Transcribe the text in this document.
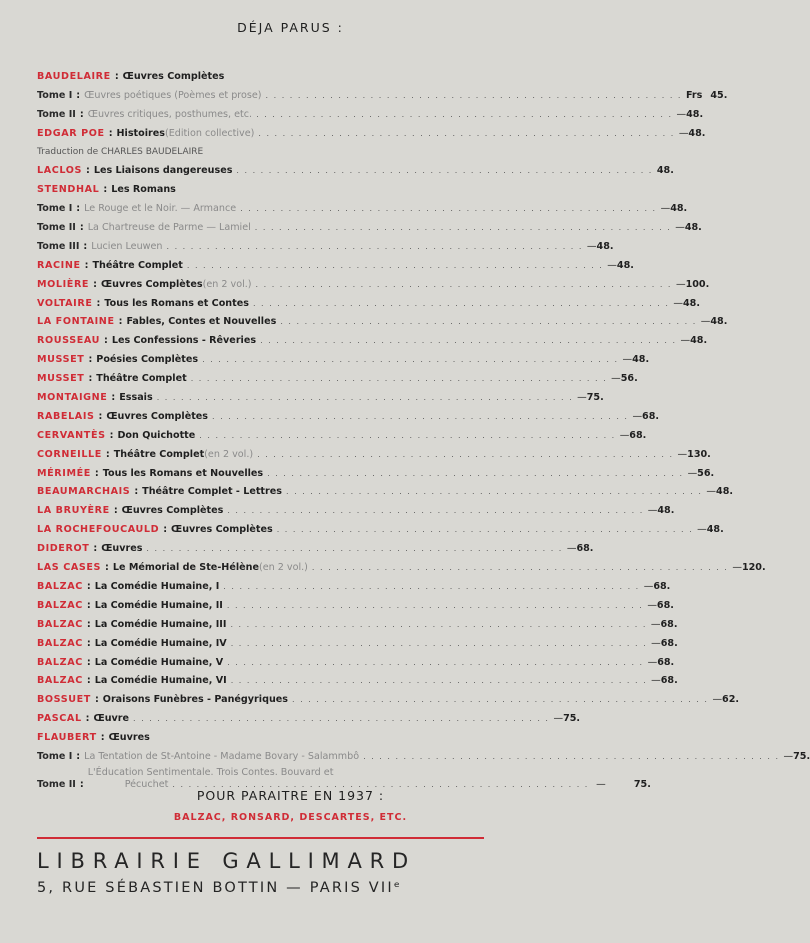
DÉJA PARUS :
BAUDELAIRE : Œuvres Complètes
Tome I : Œuvres poétiques (Poèmes et prose) . . . . . . . . . . . . . . . . . . . . . . . . . . . . . . . . . . . . . . . . . . . . . . . . . . . . Frs 45.
Tome II : Œuvres critiques, posthumes, etc. . . . . . . . . . . . . . . . . . . . . . . . . . . . . . . . . . . . . . . . . . . . . . . . . . . . . — 48.
EDGAR POE : Histoires (Edition collective) . . . . . . . . . . . . . . . . . . . . . . . . . . . . . . . . . . . . . . . . . . . . . . . . . . . . — 48.
Traduction de CHARLES BAUDELAIRE
LACLOS : Les Liaisons dangereuses . . . . . . . . . . . . . . . . . . . . . . . . . . . . . . . . . . . . . . . . . . . . . . . . . . . . 48.
STENDHAL : Les Romans
Tome I : Le Rouge et le Noir. — Armance . . . . . . . . . . . . . . . . . . . . . . . . . . . . . . . . . . . . . . . . . . . . . . . . . . . . — 48.
Tome II : La Chartreuse de Parme — Lamiel . . . . . . . . . . . . . . . . . . . . . . . . . . . . . . . . . . . . . . . . . . . . . . . . . . . . — 48.
Tome III : Lucien Leuwen . . . . . . . . . . . . . . . . . . . . . . . . . . . . . . . . . . . . . . . . . . . . . . . . . . . . — 48.
RACINE : Théâtre Complet . . . . . . . . . . . . . . . . . . . . . . . . . . . . . . . . . . . . . . . . . . . . . . . . . . . . — 48.
MOLIÈRE : Œuvres Complètes (en 2 vol.) . . . . . . . . . . . . . . . . . . . . . . . . . . . . . . . . . . . . . . . . . . . . . . . . . . . . — 100.
VOLTAIRE : Tous les Romans et Contes . . . . . . . . . . . . . . . . . . . . . . . . . . . . . . . . . . . . . . . . . . . . . . . . . . . . — 48.
LA FONTAINE : Fables, Contes et Nouvelles . . . . . . . . . . . . . . . . . . . . . . . . . . . . . . . . . . . . . . . . . . . . . . . . . . . . — 48.
ROUSSEAU : Les Confessions - Rêveries . . . . . . . . . . . . . . . . . . . . . . . . . . . . . . . . . . . . . . . . . . . . . . . . . . . . — 48.
MUSSET : Poésies Complètes . . . . . . . . . . . . . . . . . . . . . . . . . . . . . . . . . . . . . . . . . . . . . . . . . . . . — 48.
MUSSET : Théâtre Complet . . . . . . . . . . . . . . . . . . . . . . . . . . . . . . . . . . . . . . . . . . . . . . . . . . . . — 56.
MONTAIGNE : Essais . . . . . . . . . . . . . . . . . . . . . . . . . . . . . . . . . . . . . . . . . . . . . . . . . . . . — 75.
RABELAIS : Œuvres Complètes . . . . . . . . . . . . . . . . . . . . . . . . . . . . . . . . . . . . . . . . . . . . . . . . . . . . — 68.
CERVANTÈS : Don Quichotte . . . . . . . . . . . . . . . . . . . . . . . . . . . . . . . . . . . . . . . . . . . . . . . . . . . . — 68.
CORNEILLE : Théâtre Complet (en 2 vol.) . . . . . . . . . . . . . . . . . . . . . . . . . . . . . . . . . . . . . . . . . . . . . . . . . . . . — 130.
MÉRIMÉE : Tous les Romans et Nouvelles . . . . . . . . . . . . . . . . . . . . . . . . . . . . . . . . . . . . . . . . . . . . . . . . . . . . — 56.
BEAUMARCHAIS : Théâtre Complet - Lettres . . . . . . . . . . . . . . . . . . . . . . . . . . . . . . . . . . . . . . . . . . . . . . . . . . . . — 48.
LA BRUYÈRE : Œuvres Complètes . . . . . . . . . . . . . . . . . . . . . . . . . . . . . . . . . . . . . . . . . . . . . . . . . . . . — 48.
LA ROCHEFOUCAULD : Œuvres Complètes . . . . . . . . . . . . . . . . . . . . . . . . . . . . . . . . . . . . . . . . . . . . . . . . . . . . — 48.
DIDEROT : Œuvres . . . . . . . . . . . . . . . . . . . . . . . . . . . . . . . . . . . . . . . . . . . . . . . . . . . . — 68.
LAS CASES : Le Mémorial de Ste-Hélène (en 2 vol.) . . . . . . . . . . . . . . . . . . . . . . . . . . . . . . . . . . . . . . . . . . . . . . . . . . . . — 120.
BALZAC : La Comédie Humaine, I . . . . . . . . . . . . . . . . . . . . . . . . . . . . . . . . . . . . . . . . . . . . . . . . . . . . — 68.
BALZAC : La Comédie Humaine, II . . . . . . . . . . . . . . . . . . . . . . . . . . . . . . . . . . . . . . . . . . . . . . . . . . . . — 68.
BALZAC : La Comédie Humaine, III . . . . . . . . . . . . . . . . . . . . . . . . . . . . . . . . . . . . . . . . . . . . . . . . . . . . — 68.
BALZAC : La Comédie Humaine, IV . . . . . . . . . . . . . . . . . . . . . . . . . . . . . . . . . . . . . . . . . . . . . . . . . . . . — 68.
BALZAC : La Comédie Humaine, V . . . . . . . . . . . . . . . . . . . . . . . . . . . . . . . . . . . . . . . . . . . . . . . . . . . . — 68.
BALZAC : La Comédie Humaine, VI . . . . . . . . . . . . . . . . . . . . . . . . . . . . . . . . . . . . . . . . . . . . . . . . . . . . — 68.
BOSSUET : Oraisons Funèbres - Panégyriques . . . . . . . . . . . . . . . . . . . . . . . . . . . . . . . . . . . . . . . . . . . . . . . . . . . . — 62.
PASCAL : Œuvre . . . . . . . . . . . . . . . . . . . . . . . . . . . . . . . . . . . . . . . . . . . . . . . . . . . . — 75.
FLAUBERT : Œuvres
Tome I : La Tentation de St-Antoine - Madame Bovary - Salammbô . . . . . . . . . . . . . . . . . . . . . . . . . . . . . . . . . . . . . . . . . . . . . . . . . . . . — 75.
Tome II :
L'Éducation Sentimentale. Trois Contes. Bouvard et
Pécuchet . . . . . . . . . . . . . . . . . . . . . . . . . . . . . . . . . . . . . . . . . . . . . . . . . . . . —	75.
POUR PARAITRE EN 1937 :
BALZAC, RONSARD, DESCARTES, ETC.
LIBRAIRIE GALLIMARD
5, RUE SÉBASTIEN BOTTIN — PARIS VIIᵉ
